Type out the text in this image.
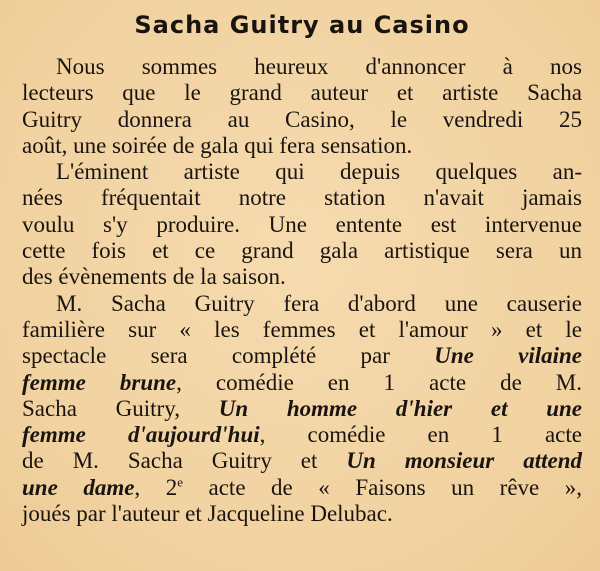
Sacha Guitry au Casino
Nous sommes heureux d'annoncer à nos
lecteurs que le grand auteur et artiste Sacha
Guitry donnera au Casino, le vendredi 25
août, une soirée de gala qui fera sensation.
L'éminent artiste qui depuis quelques an-
nées fréquentait notre station n'avait jamais
voulu s'y produire. Une entente est intervenue
cette fois et ce grand gala artistique sera un
des évènements de la saison.
M. Sacha Guitry fera d'abord une causerie
familière sur « les femmes et l'amour » et le
spectacle sera complété par Une vilaine
femme brune, comédie en 1 acte de M.
Sacha Guitry, Un homme d'hier et une
femme d'aujourd'hui, comédie en 1 acte
de M. Sacha Guitry et Un monsieur attend
une dame, 2e acte de « Faisons un rêve »,
joués par l'auteur et Jacqueline Delubac.
